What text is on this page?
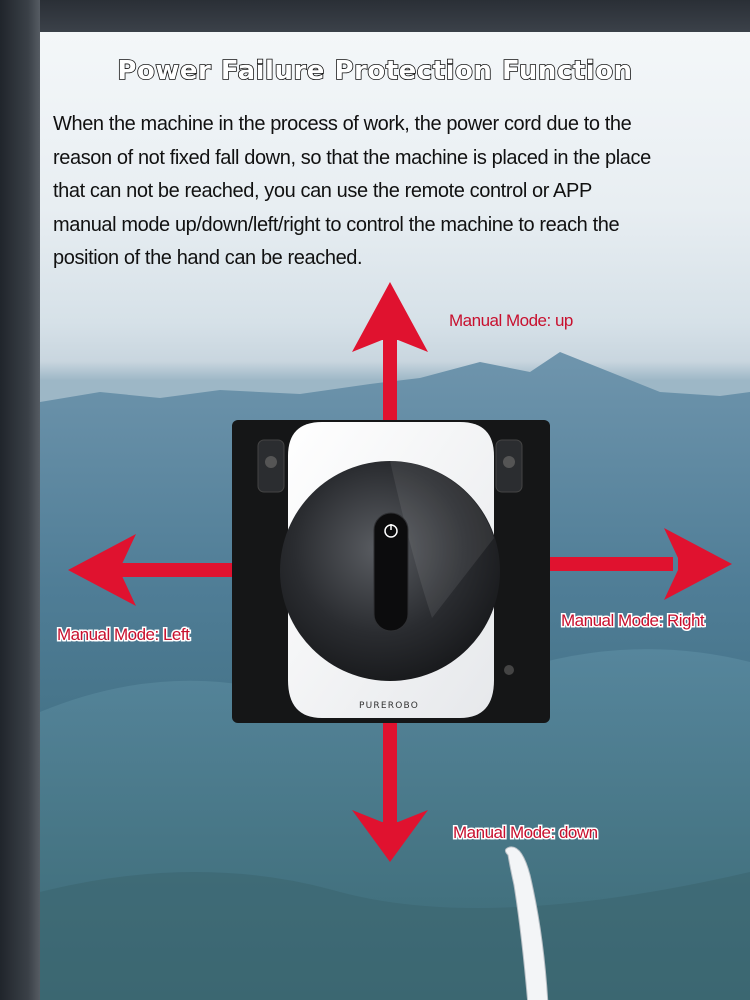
Power Failure Protection Function
When the machine in the process of work, the power cord due to the
reason of not fixed fall down, so that the machine is placed in the place
that can not be reached, you can use the remote control or APP
manual mode up/down/left/right to control the machine to reach the
position of the hand can be reached.
PUREROBO
Manual Mode: up
Manual Mode: Left
Manual Mode: Right
Manual Mode: down
